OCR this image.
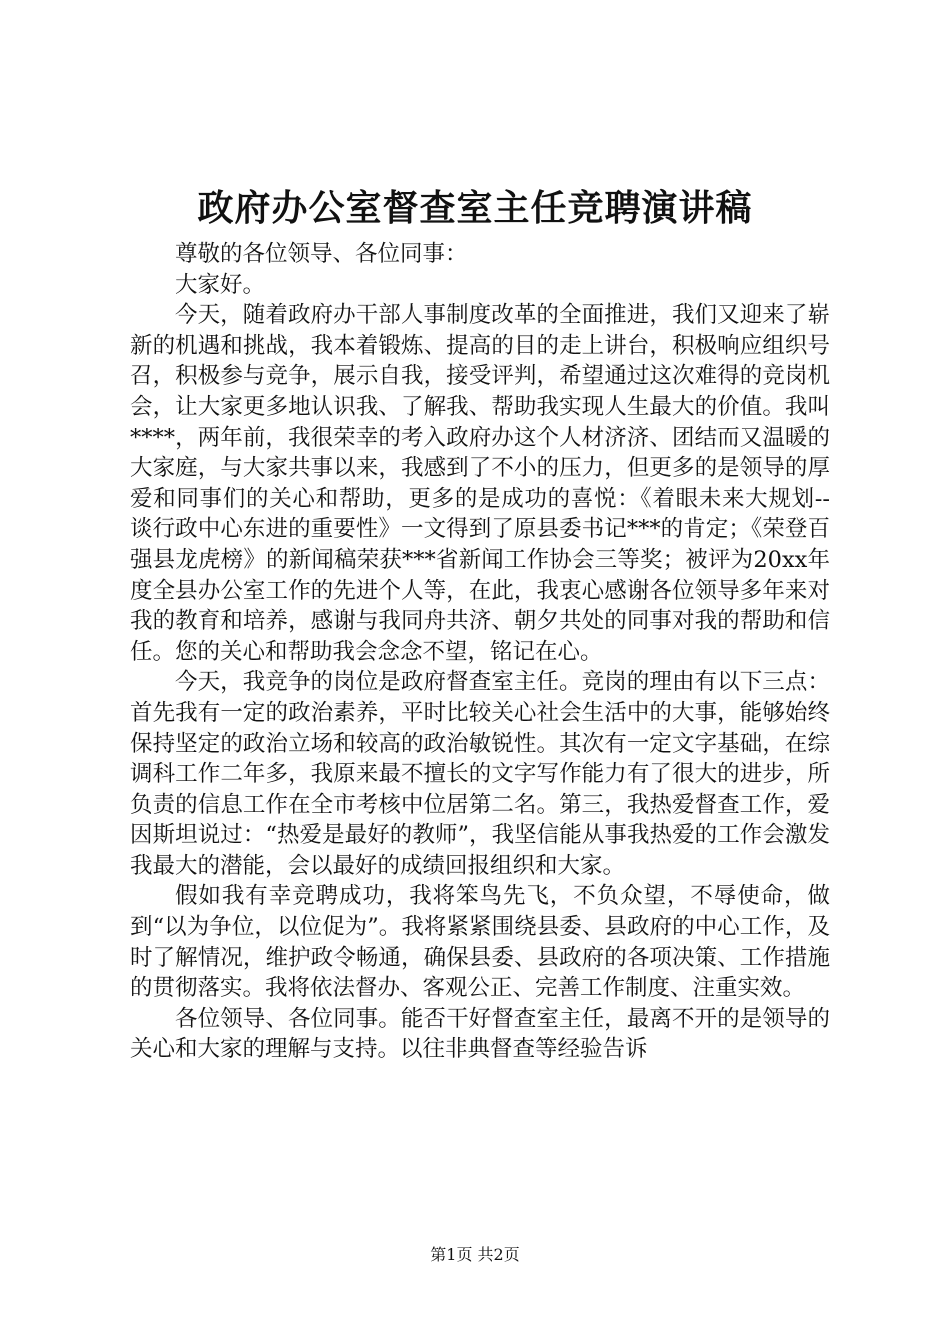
政府办公室督查室主任竞聘演讲稿

尊敬的各位领导、各位同事：

大家好。

今天，随着政府办干部人事制度改革的全面推进，我们又迎来了崭新的机遇和挑战，我本着锻炼、提高的目的走上讲台，积极响应组织号召，积极参与竞争，展示自我，接受评判，希望通过这次难得的竞岗机会，让大家更多地认识我、了解我、帮助我实现人生最大的价值。我叫****，两年前，我很荣幸的考入政府办这个人材济济、团结而又温暖的大家庭，与大家共事以来，我感到了不小的压力，但更多的是领导的厚爱和同事们的关心和帮助，更多的是成功的喜悦：《着眼未来大规划--谈行政中心东进的重要性》一文得到了原县委书记***的肯定；《荣登百强县龙虎榜》的新闻稿荣获***省新闻工作协会三等奖；被评为20xx年度全县办公室工作的先进个人等，在此，我衷心感谢各位领导多年来对我的教育和培养，感谢与我同舟共济、朝夕共处的同事对我的帮助和信任。您的关心和帮助我会念念不望，铭记在心。

今天，我竞争的岗位是政府督查室主任。竞岗的理由有以下三点：首先我有一定的政治素养，平时比较关心社会生活中的大事，能够始终保持坚定的政治立场和较高的政治敏锐性。其次有一定文字基础，在综调科工作二年多，我原来最不擅长的文字写作能力有了很大的进步，所负责的信息工作在全市考核中位居第二名。第三，我热爱督查工作，爱因斯坦说过：“热爱是最好的教师”，我坚信能从事我热爱的工作会激发我最大的潜能，会以最好的成绩回报组织和大家。

假如我有幸竞聘成功，我将笨鸟先飞，不负众望，不辱使命，做到“以为争位，以位促为”。我将紧紧围绕县委、县政府的中心工作，及时了解情况，维护政令畅通，确保县委、县政府的各项决策、工作措施的贯彻落实。我将依法督办、客观公正、完善工作制度、注重实效。

各位领导、各位同事。能否干好督查室主任，最离不开的是领导的关心和大家的理解与支持。以往非典督查等经验告诉

第1页 共2页
